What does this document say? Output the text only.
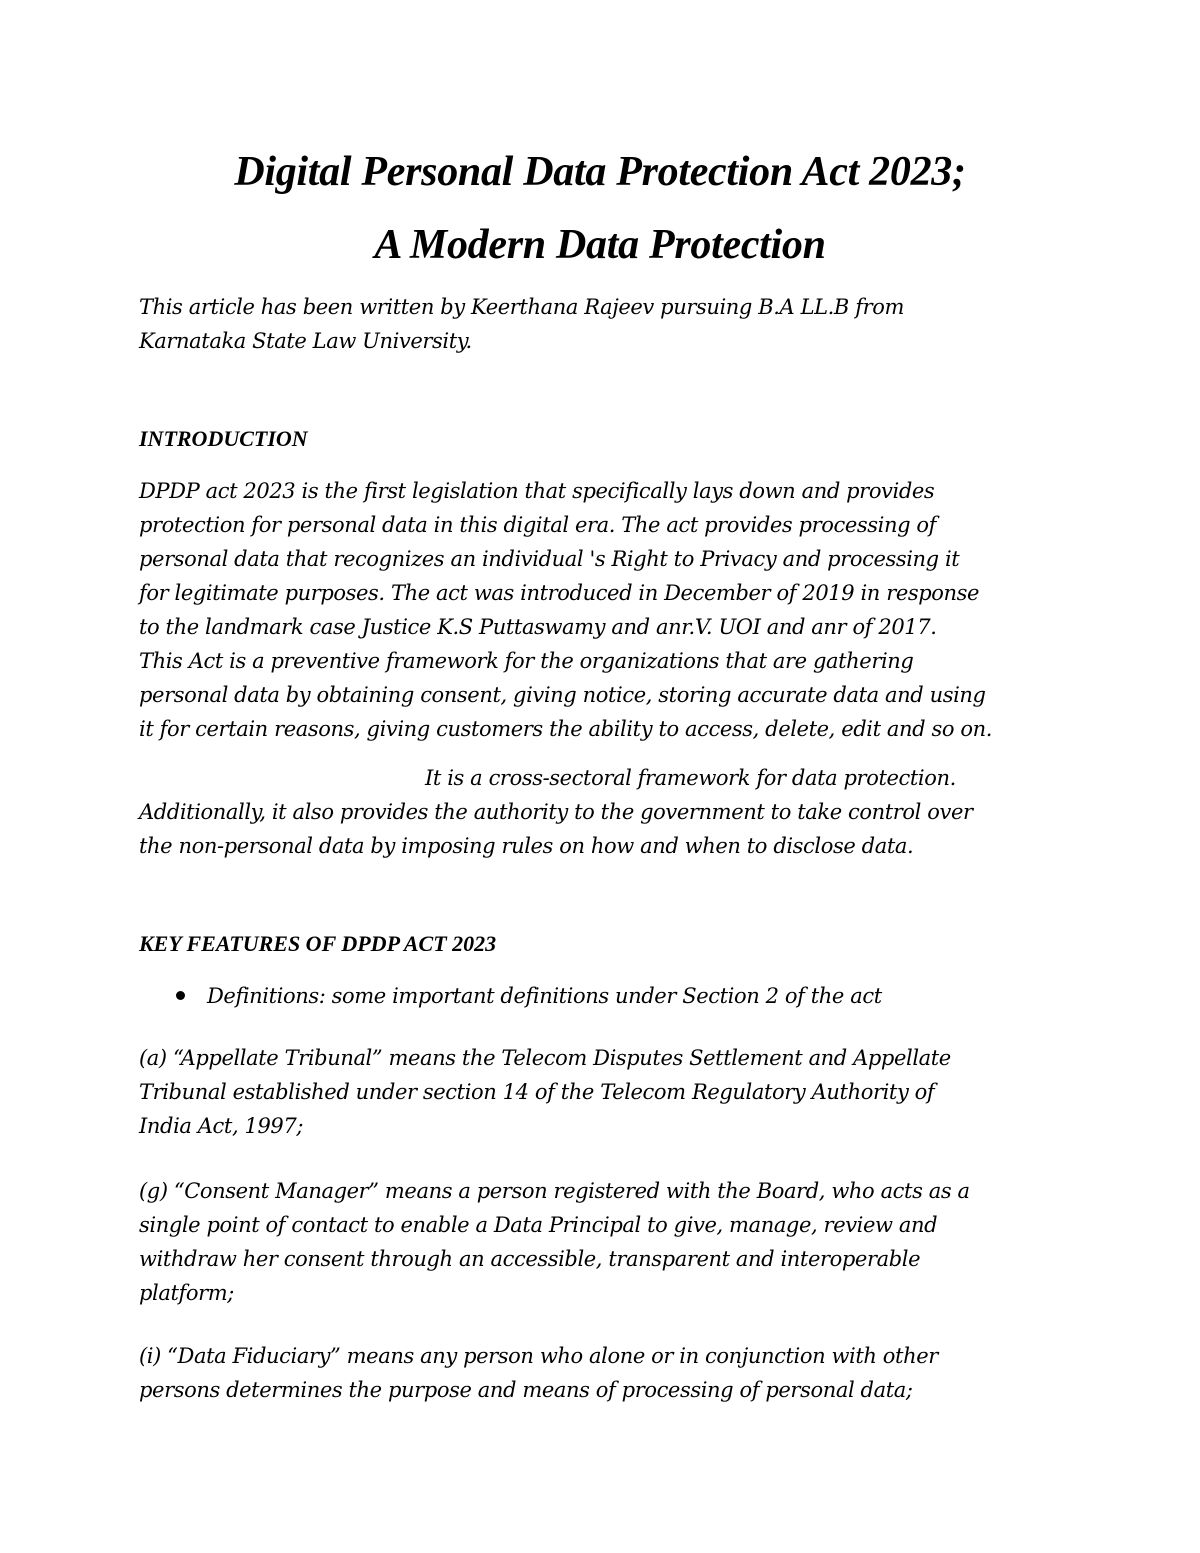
Digital Personal Data Protection Act 2023;
A Modern Data Protection
This article has been written by Keerthana Rajeev pursuing B.A LL.B from
Karnataka State Law University.
INTRODUCTION
DPDP act 2023 is the first legislation that specifically lays down and provides
protection for personal data in this digital era. The act provides processing of
personal data that recognizes an individual 's Right to Privacy and processing it
for legitimate purposes. The act was introduced in December of 2019 in response
to the landmark case Justice K.S Puttaswamy and anr.V. UOI and anr of 2017.
This Act is a preventive framework for the organizations that are gathering
personal data by obtaining consent, giving notice, storing accurate data and using
it for certain reasons, giving customers the ability to access, delete, edit and so on.
It is a cross-sectoral framework for data protection.
Additionally, it also provides the authority to the government to take control over
the non-personal data by imposing rules on how and when to disclose data.
KEY FEATURES OF DPDP ACT 2023
Definitions: some important definitions under Section 2 of the act
(a) “Appellate Tribunal” means the Telecom Disputes Settlement and Appellate
Tribunal established under section 14 of the Telecom Regulatory Authority of
India Act, 1997;
(g) “Consent Manager” means a person registered with the Board, who acts as a
single point of contact to enable a Data Principal to give, manage, review and
withdraw her consent through an accessible, transparent and interoperable
platform;
(i) “Data Fiduciary” means any person who alone or in conjunction with other
persons determines the purpose and means of processing of personal data;
